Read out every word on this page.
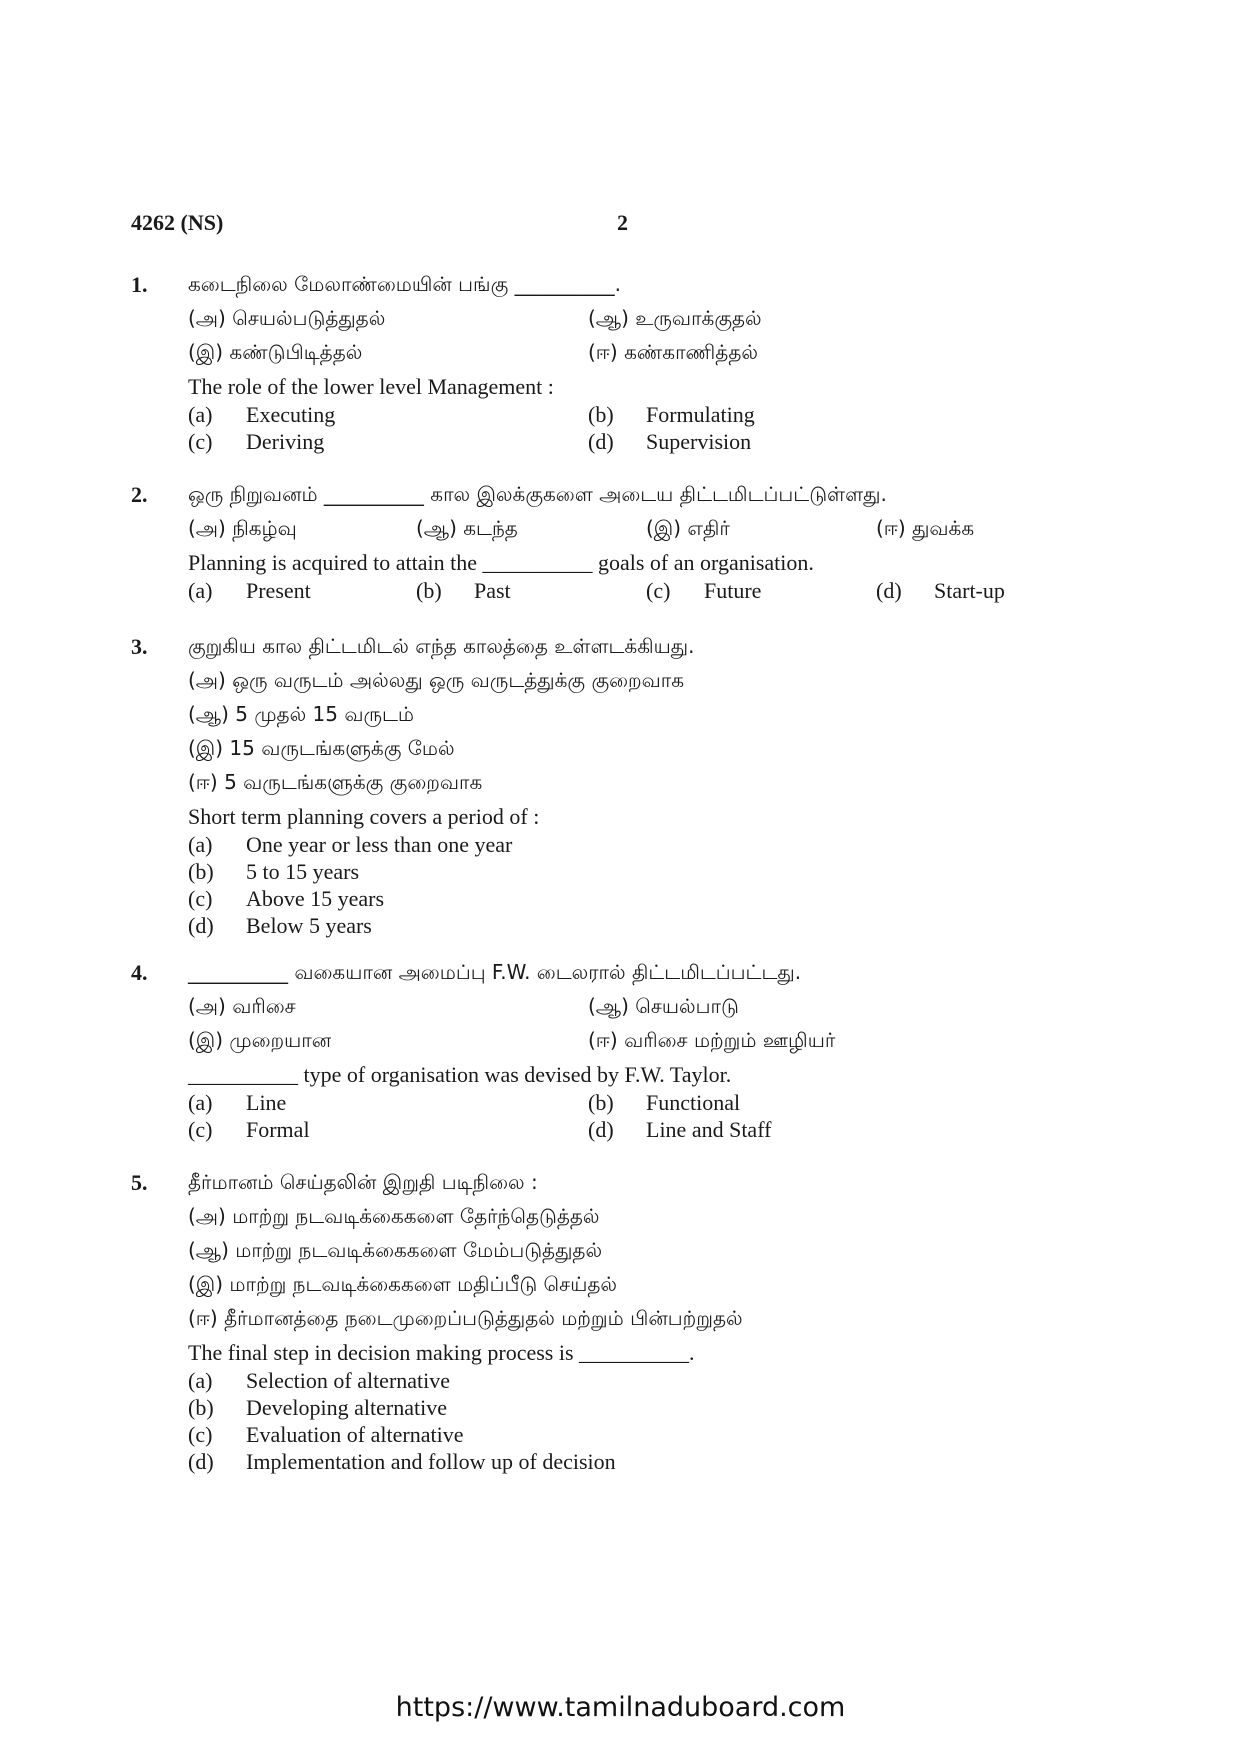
4262 (NS)	2
1. கடைநிலை மேலாண்மையின் பங்கு __________.
(அ) செயல்படுத்துதல்	(ஆ) உருவாக்குதல்
(இ) கண்டுபிடித்தல்	(ஈ) கண்காணித்தல்
The role of the lower level Management :
(a) Executing	(b) Formulating
(c) Deriving	(d) Supervision
2. ஒரு நிறுவனம் __________ கால இலக்குகளை அடைய திட்டமிடப்பட்டுள்ளது.
(அ) நிகழ்வு	(ஆ) கடந்த	(இ) எதிர்	(ஈ) துவக்க
Planning is acquired to attain the __________ goals of an organisation.
(a) Present	(b) Past	(c) Future	(d) Start-up
3. குறுகிய கால திட்டமிடல் எந்த காலத்தை உள்ளடக்கியது.
(அ) ஒரு வருடம் அல்லது ஒரு வருடத்துக்கு குறைவாக
(ஆ) 5 முதல் 15 வருடம்
(இ) 15 வருடங்களுக்கு மேல்
(ஈ) 5 வருடங்களுக்கு குறைவாக
Short term planning covers a period of :
(a) One year or less than one year
(b) 5 to 15 years
(c) Above 15 years
(d) Below 5 years
4. __________ வகையான அமைப்பு F.W. டைலரால் திட்டமிடப்பட்டது.
(அ) வரிசை	(ஆ) செயல்பாடு
(இ) முறையான	(ஈ) வரிசை மற்றும் ஊழியர்
__________ type of organisation was devised by F.W. Taylor.
(a) Line	(b) Functional
(c) Formal	(d) Line and Staff
5. தீர்மானம் செய்தலின் இறுதி படிநிலை :
(அ) மாற்று நடவடிக்கைகளை தேர்ந்தெடுத்தல்
(ஆ) மாற்று நடவடிக்கைகளை மேம்படுத்துதல்
(இ) மாற்று நடவடிக்கைகளை மதிப்பீடு செய்தல்
(ஈ) தீர்மானத்தை நடைமுறைப்படுத்துதல் மற்றும் பின்பற்றுதல்
The final step in decision making process is __________.
(a) Selection of alternative
(b) Developing alternative
(c) Evaluation of alternative
(d) Implementation and follow up of decision
https://www.tamilnaduboard.com
